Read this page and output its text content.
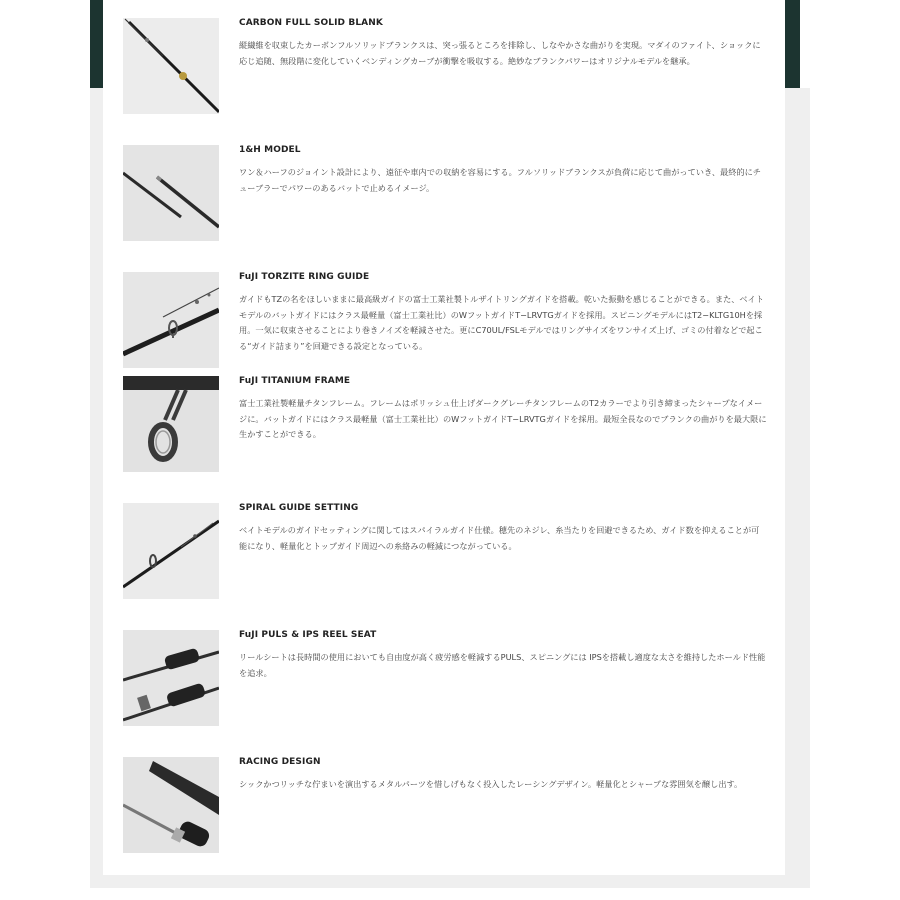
CARBON FULL SOLID BLANK
縦繊維を収束したカーボンフルソリッドブランクスは、突っ張るところを排除し、しなやかさな曲がりを実現。マダイのファイト、ショックに応じ追随、無段階に変化していくベンディングカーブが衝撃を吸収する。絶妙なブランクパワーはオリジナルモデルを継承。
1&H MODEL
ワン＆ハーフのジョイント設計により、遠征や車内での収納を容易にする。フルソリッドブランクスが負荷に応じて曲がっていき、最終的にチューブラーでパワーのあるバットで止めるイメージ。
FuJI TORZITE RING GUIDE
ガイドもTZの名をほしいままに最高級ガイドの富士工業社製トルザイトリングガイドを搭載。乾いた振動を感じることができる。また、ベイトモデルのバットガイドにはクラス最軽量（富士工業社比）のWフットガイドT−LRVTGガイドを採用。スピニングモデルにはT2−KLTG10Hを採用。一気に収束させることにより巻きノイズを軽減させた。更にC70UL/FSLモデルではリングサイズをワンサイズ上げ、ゴミの付着などで起こる“ガイド詰まり”を回避できる設定となっている。
FuJI TITANIUM FRAME
富士工業社製軽量チタンフレーム。フレームはポリッシュ仕上げダークグレーチタンフレームのT2カラーでより引き締まったシャープなイメージに。バットガイドにはクラス最軽量（富士工業社比）のWフットガイドT−LRVTGガイドを採用。最短全長なのでブランクの曲がりを最大限に生かすことができる。
SPIRAL GUIDE SETTING
ベイトモデルのガイドセッティングに関してはスパイラルガイド仕様。穂先のネジレ、糸当たりを回避できるため、ガイド数を抑えることが可能になり、軽量化とトップガイド周辺への糸絡みの軽減につながっている。
FuJI PULS & IPS REEL SEAT
リールシートは長時間の使用においても自由度が高く疲労感を軽減するPULS、スピニングには IPSを搭載し適度な太さを維持したホールド性能を追求。
RACING DESIGN
シックかつリッチな佇まいを演出するメタルパーツを惜しげもなく投入したレーシングデザイン。軽量化とシャープな雰囲気を醸し出す。
